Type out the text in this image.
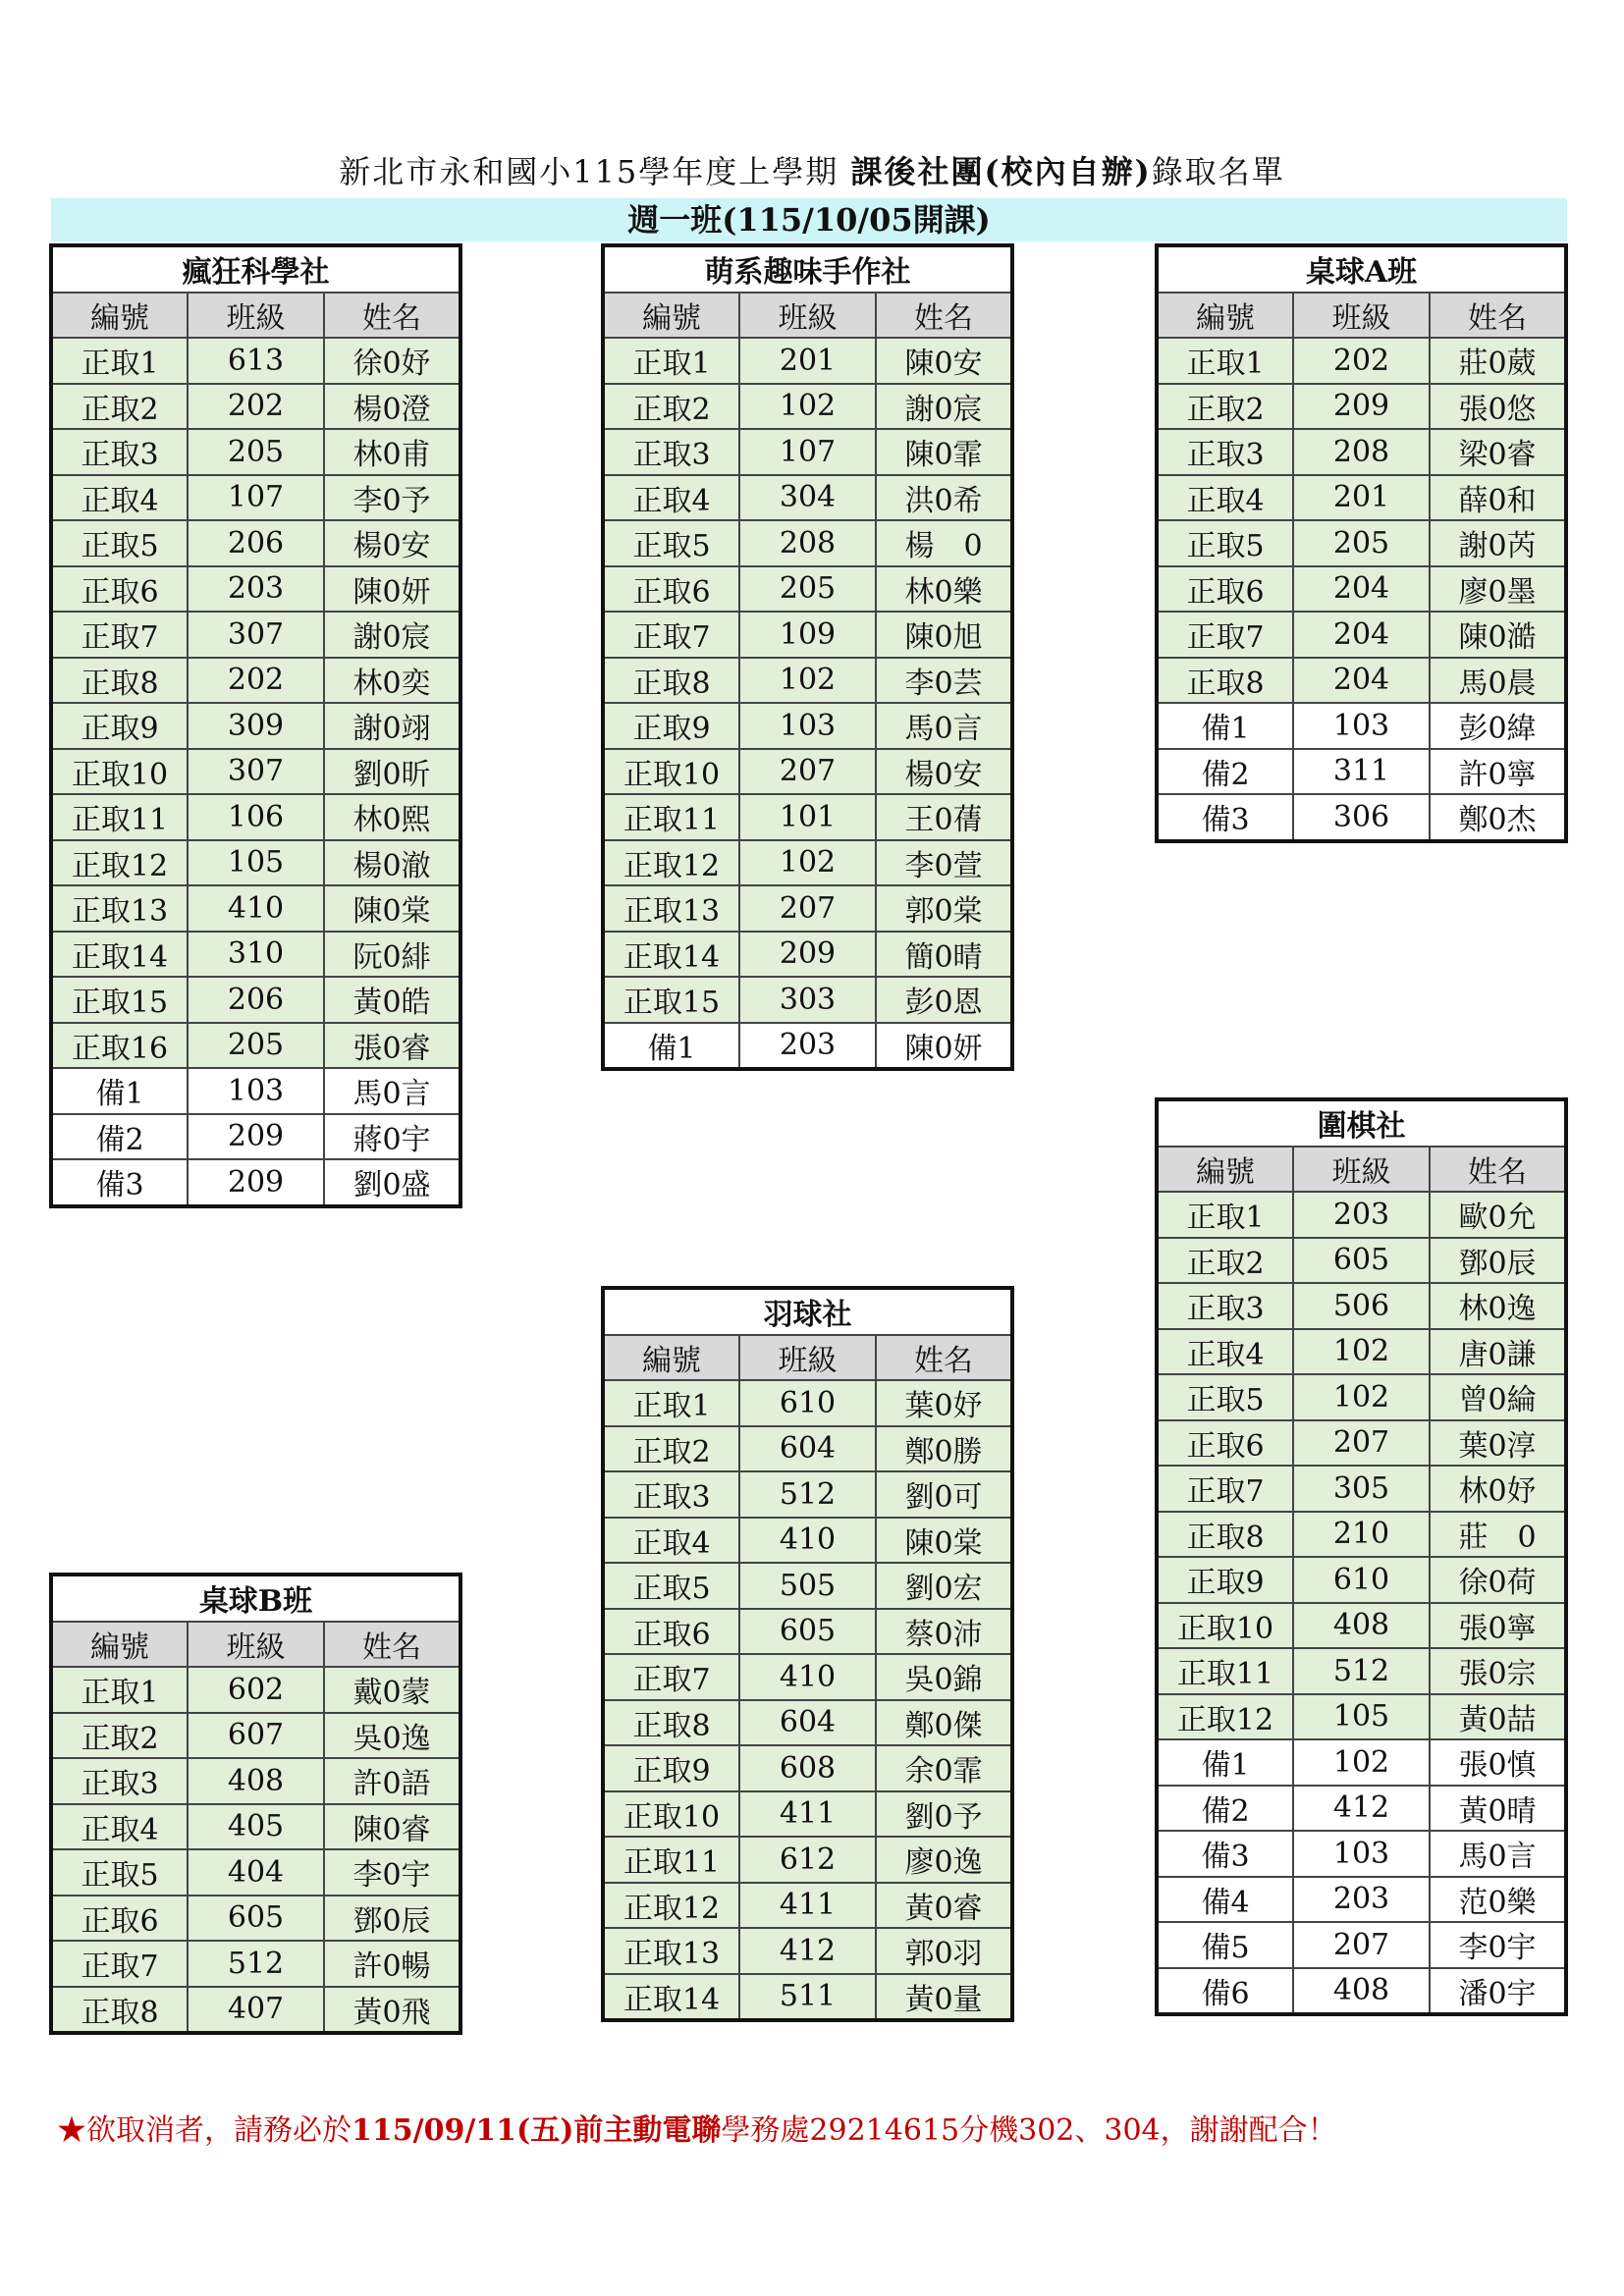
新北市永和國小115學年度上學期 課後社團(校內自辦)錄取名單
週一班(115/10/05開課)
瘋狂科學社		
編號	班級	姓名
正取1	613	徐0妤
正取2	202	楊0澄
正取3	205	林0甫
正取4	107	李0予
正取5	206	楊0安
正取6	203	陳0妍
正取7	307	謝0宸
正取8	202	林0奕
正取9	309	謝0翊
正取10	307	劉0昕
正取11	106	林0熙
正取12	105	楊0澈
正取13	410	陳0棠
正取14	310	阮0緋
正取15	206	黃0皓
正取16	205	張0睿
備1	103	馬0言
備2	209	蔣0宇
備3	209	劉0盛
萌系趣味手作社		
編號	班級	姓名
正取1	201	陳0安
正取2	102	謝0宸
正取3	107	陳0霏
正取4	304	洪0希
正取5	208	楊　0
正取6	205	林0樂
正取7	109	陳0旭
正取8	102	李0芸
正取9	103	馬0言
正取10	207	楊0安
正取11	101	王0蒨
正取12	102	李0萱
正取13	207	郭0棠
正取14	209	簡0晴
正取15	303	彭0恩
備1	203	陳0妍
桌球A班		
編號	班級	姓名
正取1	202	莊0葳
正取2	209	張0悠
正取3	208	梁0睿
正取4	201	薛0和
正取5	205	謝0芮
正取6	204	廖0墨
正取7	204	陳0澔
正取8	204	馬0晨
備1	103	彭0緯
備2	311	許0寧
備3	306	鄭0杰
圍棋社		
編號	班級	姓名
正取1	203	歐0允
正取2	605	鄧0辰
正取3	506	林0逸
正取4	102	唐0謙
正取5	102	曾0綸
正取6	207	葉0淳
正取7	305	林0妤
正取8	210	莊　0
正取9	610	徐0荷
正取10	408	張0寧
正取11	512	張0宗
正取12	105	黃0喆
備1	102	張0慎
備2	412	黃0晴
備3	103	馬0言
備4	203	范0樂
備5	207	李0宇
備6	408	潘0宇
羽球社		
編號	班級	姓名
正取1	610	葉0妤
正取2	604	鄭0勝
正取3	512	劉0可
正取4	410	陳0棠
正取5	505	劉0宏
正取6	605	蔡0沛
正取7	410	吳0錦
正取8	604	鄭0傑
正取9	608	余0霏
正取10	411	劉0予
正取11	612	廖0逸
正取12	411	黃0睿
正取13	412	郭0羽
正取14	511	黃0量
桌球B班		
編號	班級	姓名
正取1	602	戴0蒙
正取2	607	吳0逸
正取3	408	許0語
正取4	405	陳0睿
正取5	404	李0宇
正取6	605	鄧0辰
正取7	512	許0暢
正取8	407	黃0飛
★欲取消者，請務必於115/09/11(五)前主動電聯學務處29214615分機302、304，謝謝配合！
